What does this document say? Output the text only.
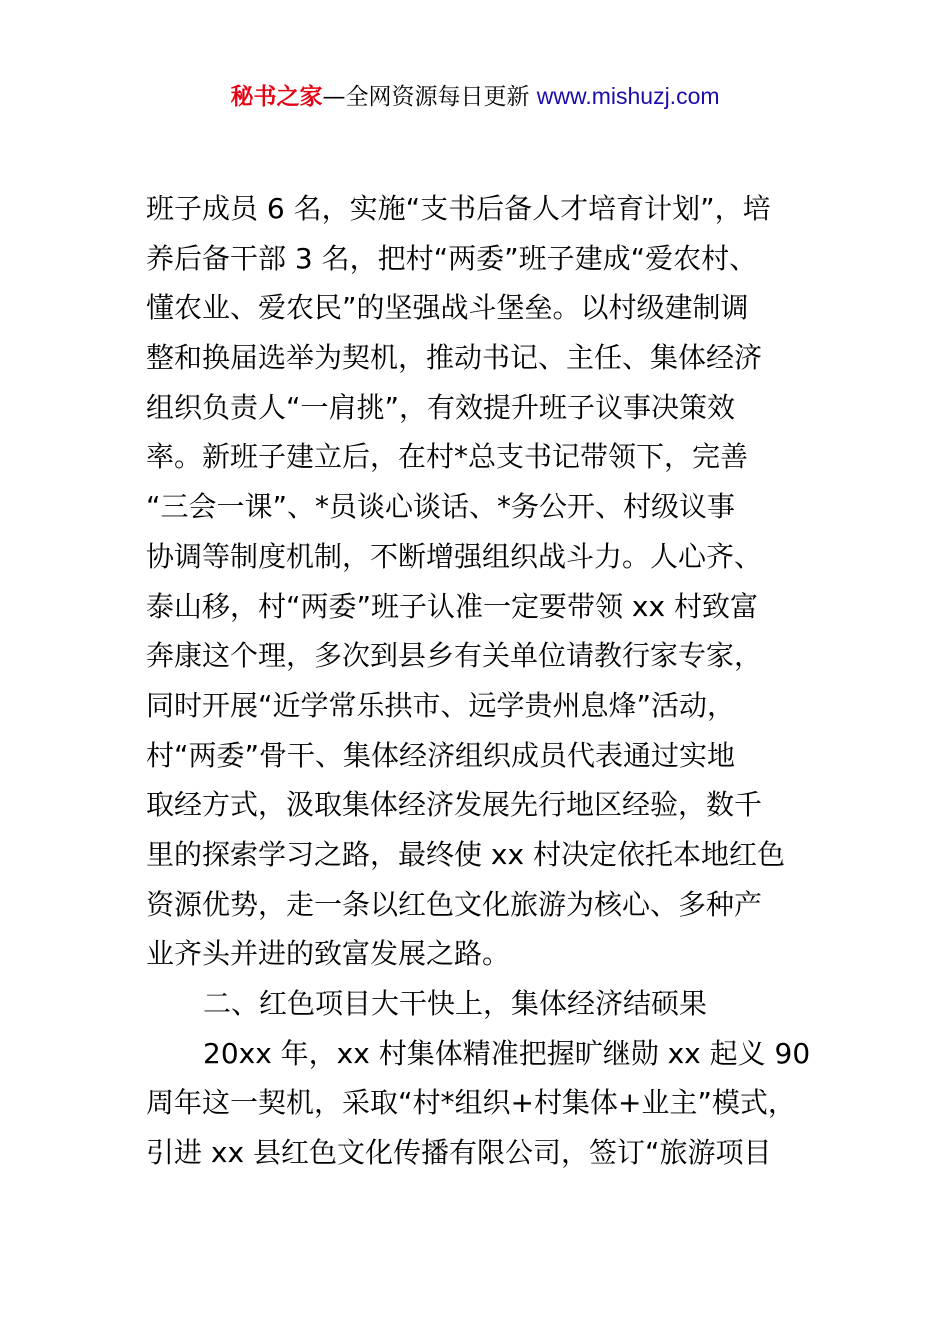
秘书之家—全网资源每日更新 www.mishuzj.com
班子成员 6 名，实施“支书后备人才培育计划”，培
养后备干部 3 名，把村“两委”班子建成“爱农村、
懂农业、爱农民”的坚强战斗堡垒。以村级建制调
整和换届选举为契机，推动书记、主任、集体经济
组织负责人“一肩挑”，有效提升班子议事决策效
率。新班子建立后，在村*总支书记带领下，完善
“三会一课”、*员谈心谈话、*务公开、村级议事
协调等制度机制，不断增强组织战斗力。人心齐、
泰山移，村“两委”班子认准一定要带领 xx 村致富
奔康这个理，多次到县乡有关单位请教行家专家，
同时开展“近学常乐拱市、远学贵州息烽”活动，
村“两委”骨干、集体经济组织成员代表通过实地
取经方式，汲取集体经济发展先行地区经验，数千
里的探索学习之路，最终使 xx 村决定依托本地红色
资源优势，走一条以红色文化旅游为核心、多种产
业齐头并进的致富发展之路。
二、红色项目大干快上，集体经济结硕果
20xx 年，xx 村集体精准把握旷继勋 xx 起义 90
周年这一契机，采取“村*组织+村集体+业主”模式，
引进 xx 县红色文化传播有限公司，签订“旅游项目
